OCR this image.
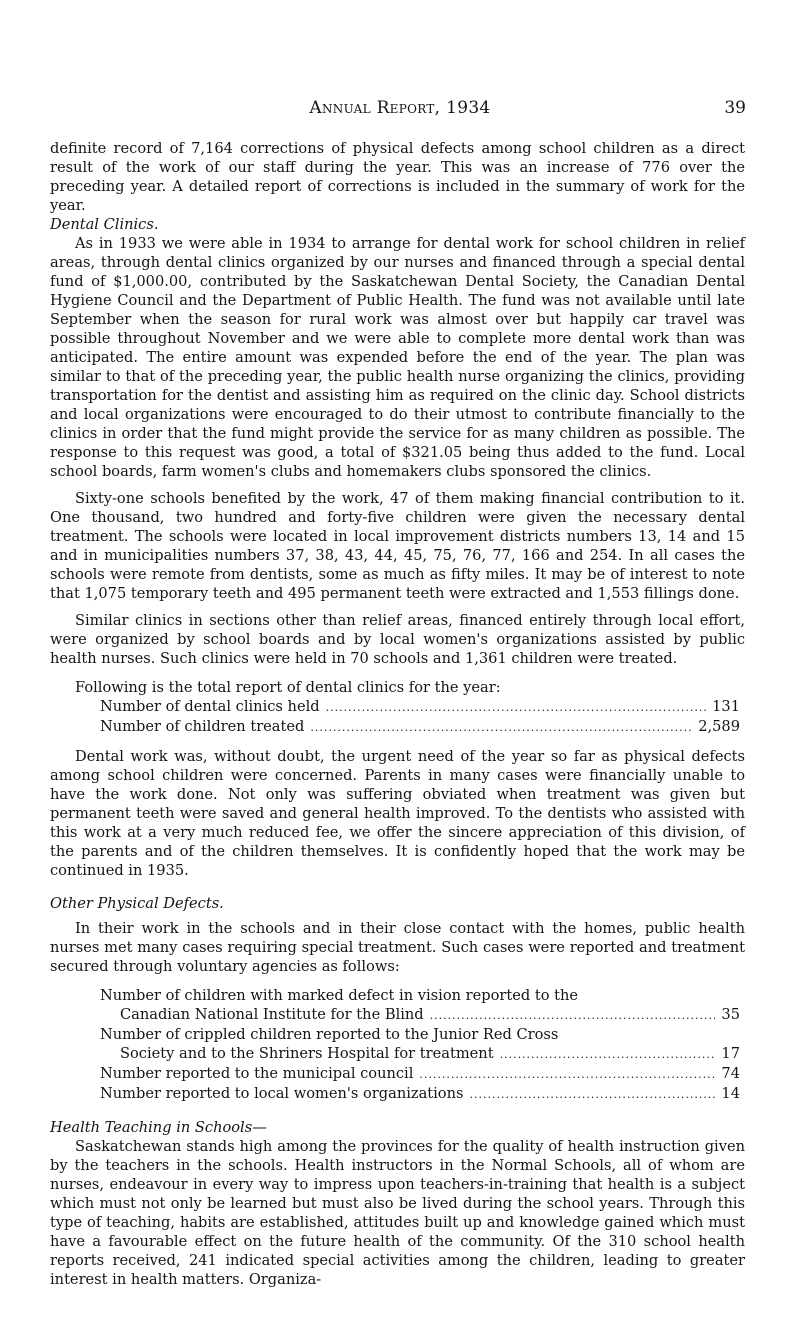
Annual Report, 1934	39

definite record of 7,164 corrections of physical defects among school children as a direct result of the work of our staff during the year. This was an increase of 776 over the preceding year. A detailed report of corrections is included in the summary of work for the year.

Dental Clinics.

As in 1933 we were able in 1934 to arrange for dental work for school children in relief areas, through dental clinics organized by our nurses and financed through a special dental fund of $1,000.00, contributed by the Saskatchewan Dental Society, the Canadian Dental Hygiene Council and the Department of Public Health. The fund was not available until late September when the season for rural work was almost over but happily car travel was possible throughout November and we were able to complete more dental work than was anticipated. The entire amount was expended before the end of the year. The plan was similar to that of the preceding year, the public health nurse organizing the clinics, providing transportation for the dentist and assisting him as required on the clinic day. School districts and local organizations were encouraged to do their utmost to contribute financially to the clinics in order that the fund might provide the service for as many children as possible. The response to this request was good, a total of $321.05 being thus added to the fund. Local school boards, farm women's clubs and homemakers clubs sponsored the clinics.

Sixty-one schools benefited by the work, 47 of them making financial contribution to it. One thousand, two hundred and forty-five children were given the necessary dental treatment. The schools were located in local improvement districts numbers 13, 14 and 15 and in municipalities numbers 37, 38, 43, 44, 45, 75, 76, 77, 166 and 254. In all cases the schools were remote from dentists, some as much as fifty miles. It may be of interest to note that 1,075 temporary teeth and 495 permanent teeth were extracted and 1,553 fillings done.

Similar clinics in sections other than relief areas, financed entirely through local effort, were organized by school boards and by local women's organizations assisted by public health nurses. Such clinics were held in 70 schools and 1,361 children were treated.

Following is the total report of dental clinics for the year:

Number of dental clinics held .....	131
Number of children treated .....	2,589

Dental work was, without doubt, the urgent need of the year so far as physical defects among school children were concerned. Parents in many cases were financially unable to have the work done. Not only was suffering obviated when treatment was given but permanent teeth were saved and general health improved. To the dentists who assisted with this work at a very much reduced fee, we offer the sincere appreciation of this division, of the parents and of the children themselves. It is confidently hoped that the work may be continued in 1935.

Other Physical Defects.

In their work in the schools and in their close contact with the homes, public health nurses met many cases requiring special treatment. Such cases were reported and treatment secured through voluntary agencies as follows:

Number of children with marked defect in vision reported to the
Canadian National Institute for the Blind .....	35
Number of crippled children reported to the Junior Red Cross
Society and to the Shriners Hospital for treatment .....	17
Number reported to the municipal council .....	74
Number reported to local women's organizations .....	14

Health Teaching in Schools—

Saskatchewan stands high among the provinces for the quality of health instruction given by the teachers in the schools. Health instructors in the Normal Schools, all of whom are nurses, endeavour in every way to impress upon teachers-in-training that health is a subject which must not only be learned but must also be lived during the school years. Through this type of teaching, habits are established, attitudes built up and knowledge gained which must have a favourable effect on the future health of the community. Of the 310 school health reports received, 241 indicated special activities among the children, leading to greater interest in health matters. Organiza-
